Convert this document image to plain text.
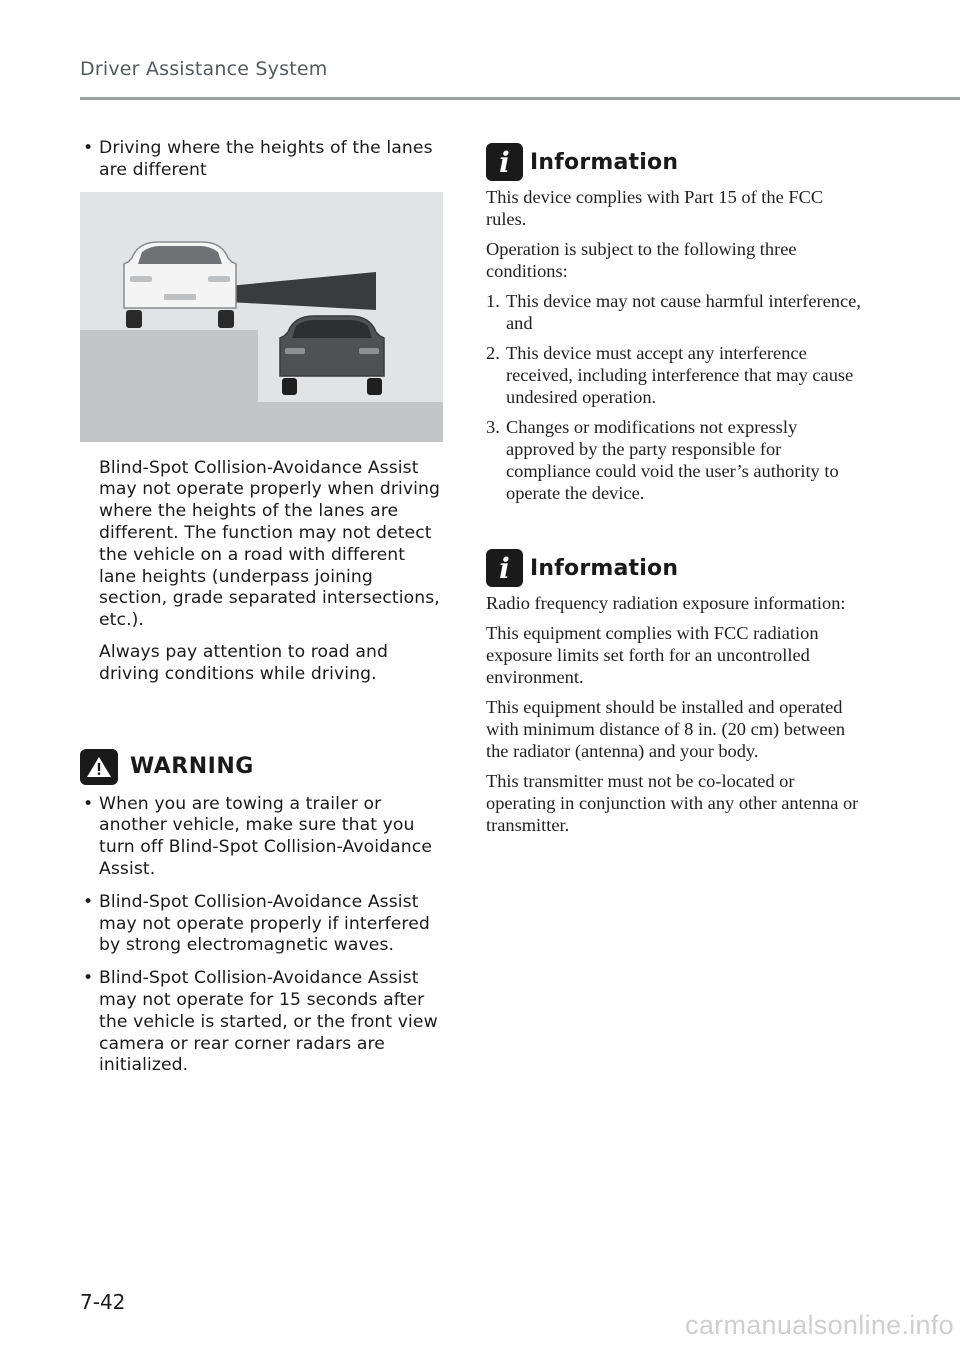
Driver Assistance System
• Driving where the heights of the lanes are different
Blind-Spot Collision-Avoidance Assist may not operate properly when driving where the heights of the lanes are different. The function may not detect the vehicle on a road with different lane heights (underpass joining section, grade separated intersections, etc.).
Always pay attention to road and driving conditions while driving.
WARNING
• When you are towing a trailer or another vehicle, make sure that you turn off Blind-Spot Collision-Avoidance Assist.
• Blind-Spot Collision-Avoidance Assist may not operate properly if interfered by strong electromagnetic waves.
• Blind-Spot Collision-Avoidance Assist may not operate for 15 seconds after the vehicle is started, or the front view camera or rear corner radars are initialized.
i Information

This device complies with Part 15 of the FCC rules.

Operation is subject to the following three conditions:

1. This device may not cause harmful interference, and
2. This device must accept any interference received, including interference that may cause undesired operation.
3. Changes or modifications not expressly approved by the party responsible for compliance could void the user’s authority to operate the device.
i Information

Radio frequency radiation exposure information:

This equipment complies with FCC radiation exposure limits set forth for an uncontrolled environment.

This equipment should be installed and operated with minimum distance of 8 in. (20 cm) between the radiator (antenna) and your body.

This transmitter must not be co-located or operating in conjunction with any other antenna or transmitter.

7-42
carmanualsonline.info
